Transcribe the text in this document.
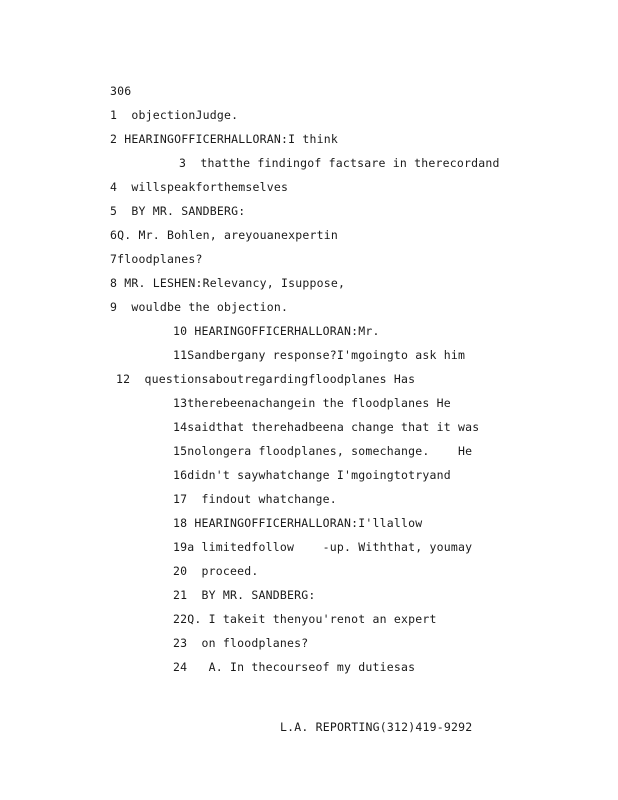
306
1  objectionJudge.
2 HEARINGOFFICERHALLORAN:I think
3  thatthe findingof factsare in therecordand
4  willspeakforthemselves
5  BY MR. SANDBERG:
6Q. Mr. Bohlen, areyouanexpertin
7floodplanes?
8 MR. LESHEN:Relevancy, Isuppose,
9  wouldbe the objection.
10 HEARINGOFFICERHALLORAN:Mr.
11Sandbergany response?I'mgoingto ask him
12  questionsaboutregardingfloodplanes Has
13therebeenachangein the floodplanes He
14saidthat therehadbeena change that it was
15nolongera floodplanes, somechange.    He
16didn't saywhatchange I'mgoingtotryand
17  findout whatchange.
18 HEARINGOFFICERHALLORAN:I'llallow
19a limitedfollow    -up. Withthat, youmay
20  proceed.
21  BY MR. SANDBERG:
22Q. I takeit thenyou'renot an expert
23  on floodplanes?
24   A. In thecourseof my dutiesas
L.A. REPORTING(312)419-9292
